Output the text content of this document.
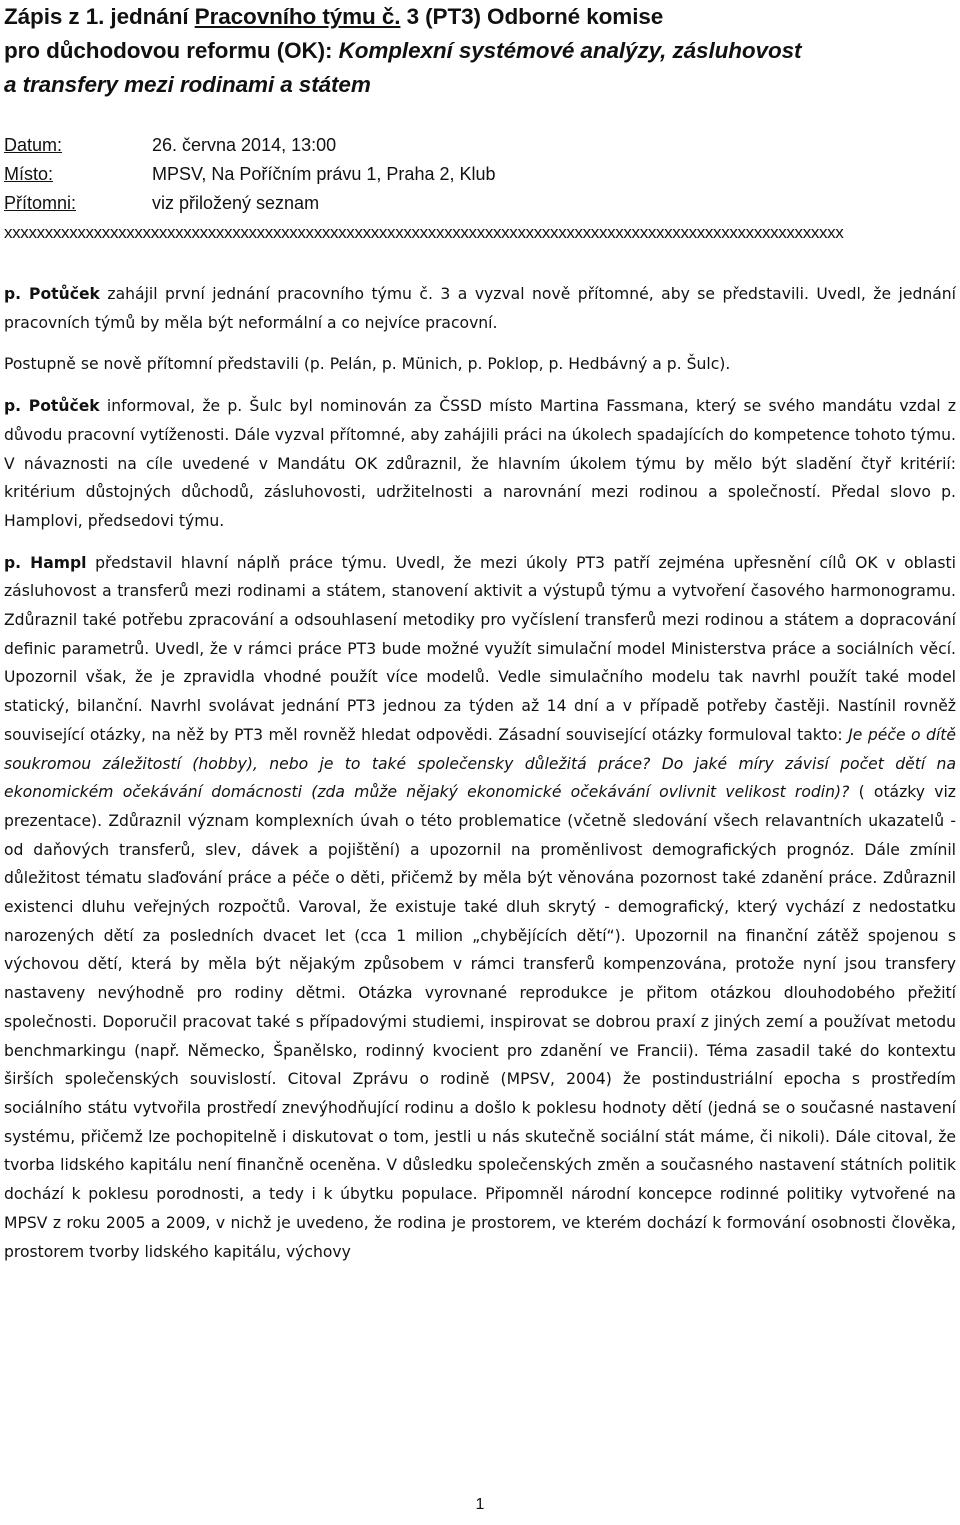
Zápis z 1. jednání Pracovního týmu č. 3 (PT3) Odborné komise
pro důchodovou reformu (OK): Komplexní systémové analýzy, zásluhovost
a transfery mezi rodinami a státem
Datum:	26. června 2014, 13:00
Místo:	MPSV, Na Poříčním právu 1, Praha 2, Klub
Přítomni:	viz přiložený seznam
xxxxxxxxxxxxxxxxxxxxxxxxxxxxxxxxxxxxxxxxxxxxxxxxxxxxxxxxxxxxxxxxxxxxxxxxxxxxxxxxxxxxxxxxxxxxxxxxxxxxxxx

p. Potůček zahájil první jednání pracovního týmu č. 3 a vyzval nově přítomné, aby se představili. Uvedl, že jednání pracovních týmů by měla být neformální a co nejvíce pracovní.

Postupně se nově přítomní představili (p. Pelán, p. Münich, p. Poklop, p. Hedbávný a p. Šulc).

p. Potůček informoval, že p. Šulc byl nominován za ČSSD místo Martina Fassmana, který se svého mandátu vzdal z důvodu pracovní vytíženosti. Dále vyzval přítomné, aby zahájili práci na úkolech spadajících do kompetence tohoto týmu. V návaznosti na cíle uvedené v Mandátu OK zdůraznil, že hlavním úkolem týmu by mělo být sladění čtyř kritérií: kritérium důstojných důchodů, zásluhovosti, udržitelnosti a narovnání mezi rodinou a společností. Předal slovo p. Hamplovi, předsedovi týmu.

p. Hampl představil hlavní náplň práce týmu. Uvedl, že mezi úkoly PT3 patří zejména upřesnění cílů OK v oblasti zásluhovost a transferů mezi rodinami a státem, stanovení aktivit a výstupů týmu a vytvoření časového harmonogramu. Zdůraznil také potřebu zpracování a odsouhlasení metodiky pro vyčíslení transferů mezi rodinou a státem a dopracování definic parametrů. Uvedl, že v rámci práce PT3 bude možné využít simulační model Ministerstva práce a sociálních věcí. Upozornil však, že je zpravidla vhodné použít více modelů. Vedle simulačního modelu tak navrhl použít také model statický, bilanční. Navrhl svolávat jednání PT3 jednou za týden až 14 dní a v případě potřeby častěji. Nastínil rovněž související otázky, na něž by PT3 měl rovněž hledat odpovědi. Zásadní související otázky formuloval takto: Je péče o dítě soukromou záležitostí (hobby), nebo je to také společensky důležitá práce? Do jaké míry závisí počet dětí na ekonomickém očekávání domácnosti (zda může nějaký ekonomické očekávání ovlivnit velikost rodin)? ( otázky viz prezentace). Zdůraznil význam komplexních úvah o této problematice (včetně sledování všech relavantních ukazatelů - od daňových transferů, slev, dávek a pojištění) a upozornil na proměnlivost demografických prognóz. Dále zmínil důležitost tématu slaďování práce a péče o děti, přičemž by měla být věnována pozornost také zdanění práce. Zdůraznil existenci dluhu veřejných rozpočtů. Varoval, že existuje také dluh skrytý - demografický, který vychází z nedostatku narozených dětí za posledních dvacet let (cca 1 milion „chybějících dětí“). Upozornil na finanční zátěž spojenou s výchovou dětí, která by měla být nějakým způsobem v rámci transferů kompenzována, protože nyní jsou transfery nastaveny nevýhodně pro rodiny dětmi. Otázka vyrovnané reprodukce je přitom otázkou dlouhodobého přežití společnosti. Doporučil pracovat také s případovými studiemi, inspirovat se dobrou praxí z jiných zemí a používat metodu benchmarkingu (např. Německo, Španělsko, rodinný kvocient pro zdanění ve Francii). Téma zasadil také do kontextu širších společenských souvislostí. Citoval Zprávu o rodině (MPSV, 2004) že postindustriální epocha s prostředím sociálního státu vytvořila prostředí znevýhodňující rodinu a došlo k poklesu hodnoty dětí (jedná se o současné nastavení systému, přičemž lze pochopitelně i diskutovat o tom, jestli u nás skutečně sociální stát máme, či nikoli). Dále citoval, že tvorba lidského kapitálu není finančně oceněna. V důsledku společenských změn a současného nastavení státních politik dochází k poklesu porodnosti, a tedy i k úbytku populace. Připomněl národní koncepce rodinné politiky vytvořené na MPSV z roku 2005 a 2009, v nichž je uvedeno, že rodina je prostorem, ve kterém dochází k formování osobnosti člověka, prostorem tvorby lidského kapitálu, výchovy

1
